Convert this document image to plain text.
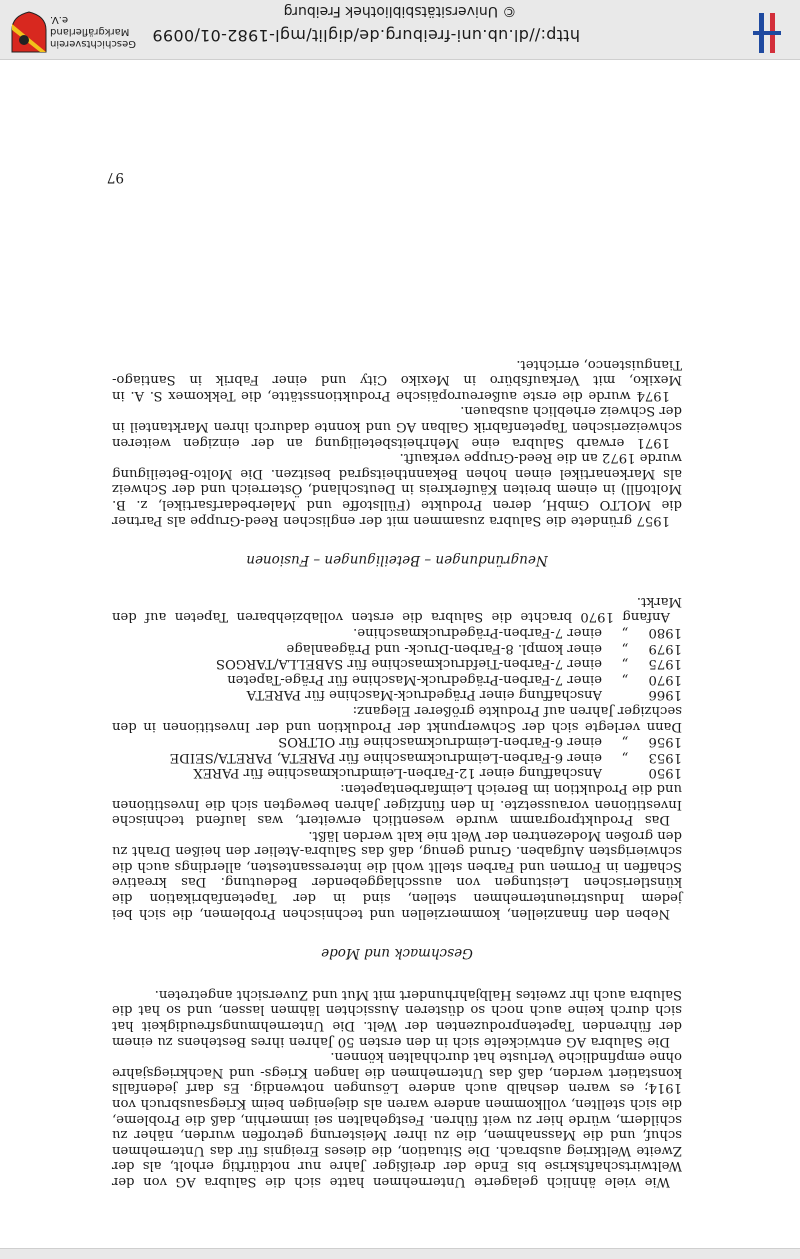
Wie viele ähnlich gelagerte Unternehmen hatte sich die Salubra AG von der Weltwirtschaftskrise bis Ende der dreißiger Jahre nur notdürftig erholt, als der Zweite Weltkrieg ausbrach. Die Situation, die dieses Ereignis für das Unternehmen schuf, und die Massnahmen, die zu ihrer Meisterung getroffen wurden, näher zu schildern, würde hier zu weit führen. Festgehalten sei immerhin, daß die Probleme, die sich stellten, vollkommen andere waren als diejenigen beim Kriegsausbruch von 1914; es waren deshalb auch andere Lösungen notwendig. Es darf jedenfalls konstatiert werden, daß das Unternehmen die langen Kriegs- und Nachkriegsjahre ohne empfindliche Verluste hat durchhalten können.

Die Salubra AG entwickelte sich in den ersten 50 Jahren ihres Bestehens zu einem der führenden Tapetenproduzenten der Welt. Die Unternehmungsfreudigkeit hat sich durch keine auch noch so düsteren Aussichten lähmen lassen, und so hat die Salubra auch ihr zweites Halbjahrhundert mit Mut und Zuversicht angetreten.

Geschmack und Mode

Neben den finanziellen, kommerziellen und technischen Problemen, die sich bei jedem Industrieunternehmen stellen, sind in der Tapetenfabrikation die künstlerischen Leistungen von ausschlaggebender Bedeutung. Das kreative Schaffen in Formen und Farben stellt wohl die interessantesten, allerdings auch die schwierigsten Aufgaben. Grund genug, daß das Salubra-Atelier den heißen Draht zu den großen Modezentren der Welt nie kalt werden läßt.

Das Produktprogramm wurde wesentlich erweitert, was laufend technische Investitionen voraussetzte. In den fünfziger Jahren bewegten sich die Investitionen und die Produktion im Bereich Leimfarbentapeten:

1950		Anschaffung einer 12-Farben-Leimdruckmaschine für PAREX
1953	„	einer 6-Farben-Leimdruckmaschine für PARETA, PARETA/SEIDE
1956	„	einer 6-Farben-Leimdruckmaschine für OLTROS

Dann verlegte sich der Schwerpunkt der Produktion und der Investitionen in den sechziger Jahren auf Produkte größerer Eleganz:

1966		Anschaffung einer Prägedruck-Maschine für PARETA
1970	„	einer 7-Farben-Prägedruck-Maschine für Präge-Tapeten
1975	„	einer 7-Farben-Tiefdruckmaschine für SABELLA/TARGOS
1979	„	einer kompl. 8-Farben-Druck- und Prägeanlage
1980	„	einer 7-Farben-Prägedruckmaschine.

Anfang 1970 brachte die Salubra die ersten vollabziehbaren Tapeten auf den Markt.

Neugründungen – Beteiligungen – Fusionen

1957 gründete die Salubra zusammen mit der englischen Reed-Gruppe als Partner die MOLTO GmbH, deren Produkte (Füllstoffe und Malerbedarfsartikel, z. B. Moltofill) in einem breiten Käuferkreis in Deutschland, Österreich und der Schweiz als Markenartikel einen hohen Bekanntheitsgrad besitzen. Die Molto-Beteiligung wurde 1972 an die Reed-Gruppe verkauft.

1971 erwarb Salubra eine Mehrheitsbeteiligung an der einzigen weiteren schweizerischen Tapetenfabrik Galban AG und konnte dadurch ihren Marktanteil in der Schweiz erheblich ausbauen.

1974 wurde die erste außereuropäische Produktionsstätte, die Tekkomex S. A. in Mexiko, mit Verkaufsbüro in Mexiko City und einer Fabrik in Santiago-Tianguistenco, errichtet.

97
http://dl.ub.uni-freiburg.de/diglit/mgl-1982-01/0099
© Universitätsbibliothek Freiburg
Geschichtsverein
Markgräflerland e.V.
